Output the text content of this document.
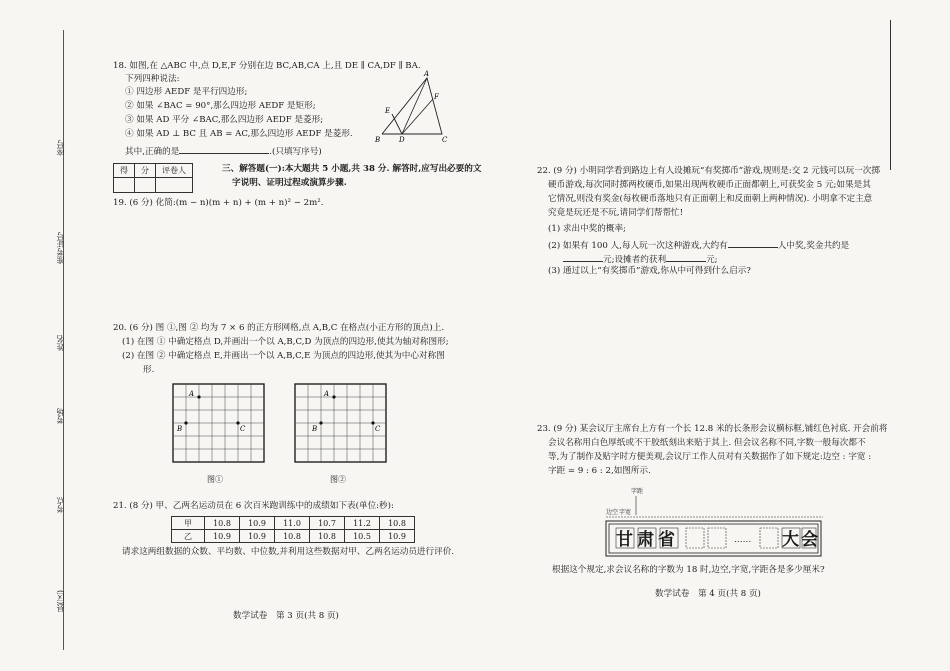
座号
准考证号
姓名
考场
考点
县(区)
18. 如图,在 △ABC 中,点 D,E,F 分别在边 BC,AB,CA 上,且 DE ∥ CA,DF ∥ BA.
下列四种说法:
① 四边形 AEDF 是平行四边形;
② 如果 ∠BAC = 90°,那么四边形 AEDF 是矩形;
③ 如果 AD 平分 ∠BAC,那么四边形 AEDF 是菱形;
④ 如果 AD ⊥ BC 且 AB = AC,那么四边形 AEDF 是菱形.
其中,正确的是	.(只填写序号)
A
B	C
D
E
F
得	分	评卷人
			三、解答题(一):本大题共 5 小题,共 38 分. 解答时,应写出必要的文
字说明、证明过程或演算步骤.
19. (6 分) 化简:(m − n)(m + n) + (m + n)² − 2m².
20. (6 分) 图 ①,图 ② 均为 7 × 6 的正方形网格,点 A,B,C 在格点(小正方形的顶点)上.
(1) 在图 ① 中确定格点 D,并画出一个以 A,B,C,D 为顶点的四边形,使其为轴对称图形;
(2) 在图 ② 中确定格点 E,并画出一个以 A,B,C,E 为顶点的四边形,使其为中心对称图
形.
A
B	C
图①
A
B	C
图②
21. (8 分) 甲、乙两名运动员在 6 次百米跑训练中的成绩如下表(单位:秒):
甲	10.8	10.9	11.0	10.7	11.2	10.8
乙	10.9	10.9	10.8	10.8	10.5	10.9
请求这两组数据的众数、平均数、中位数,并利用这些数据对甲、乙两名运动员进行评价.
数学试卷　第 3 页(共 8 页)
22. (9 分) 小明同学看到路边上有人设摊玩“有奖掷币”游戏,规则是:交 2 元钱可以玩一次掷
硬币游戏,每次同时掷两枚硬币,如果出现两枚硬币正面都朝上,可获奖金 5 元;如果是其
它情况,则没有奖金(每枚硬币落地只有正面朝上和反面朝上两种情况). 小明拿不定主意
究竟是玩还是不玩,请同学们帮帮忙!
(1) 求出中奖的概率;
(2) 如果有 100 人,每人玩一次这种游戏,大约有	人中奖,奖金共约是
元;设摊者约获利	元;
(3) 通过以上“有奖掷币”游戏,你从中可得到什么启示?
23. (9 分) 某会议厅主席台上方有一个长 12.8 米的长条形会议横标框,铺红色衬底. 开会前将
会议名称用白色厚纸或不干胶纸刻出来贴于其上. 但会议名称不同,字数一般每次都不
等,为了制作及贴字时方便美观,会议厅工作人员对有关数据作了如下规定:边空 : 字宽 :
字距 = 9 : 6 : 2,如图所示.
字距
边空 字宽
甘肃省	…… 大会
根据这个规定,求会议名称的字数为 18 时,边空,字宽,字距各是多少厘米?
数学试卷　第 4 页(共 8 页)
